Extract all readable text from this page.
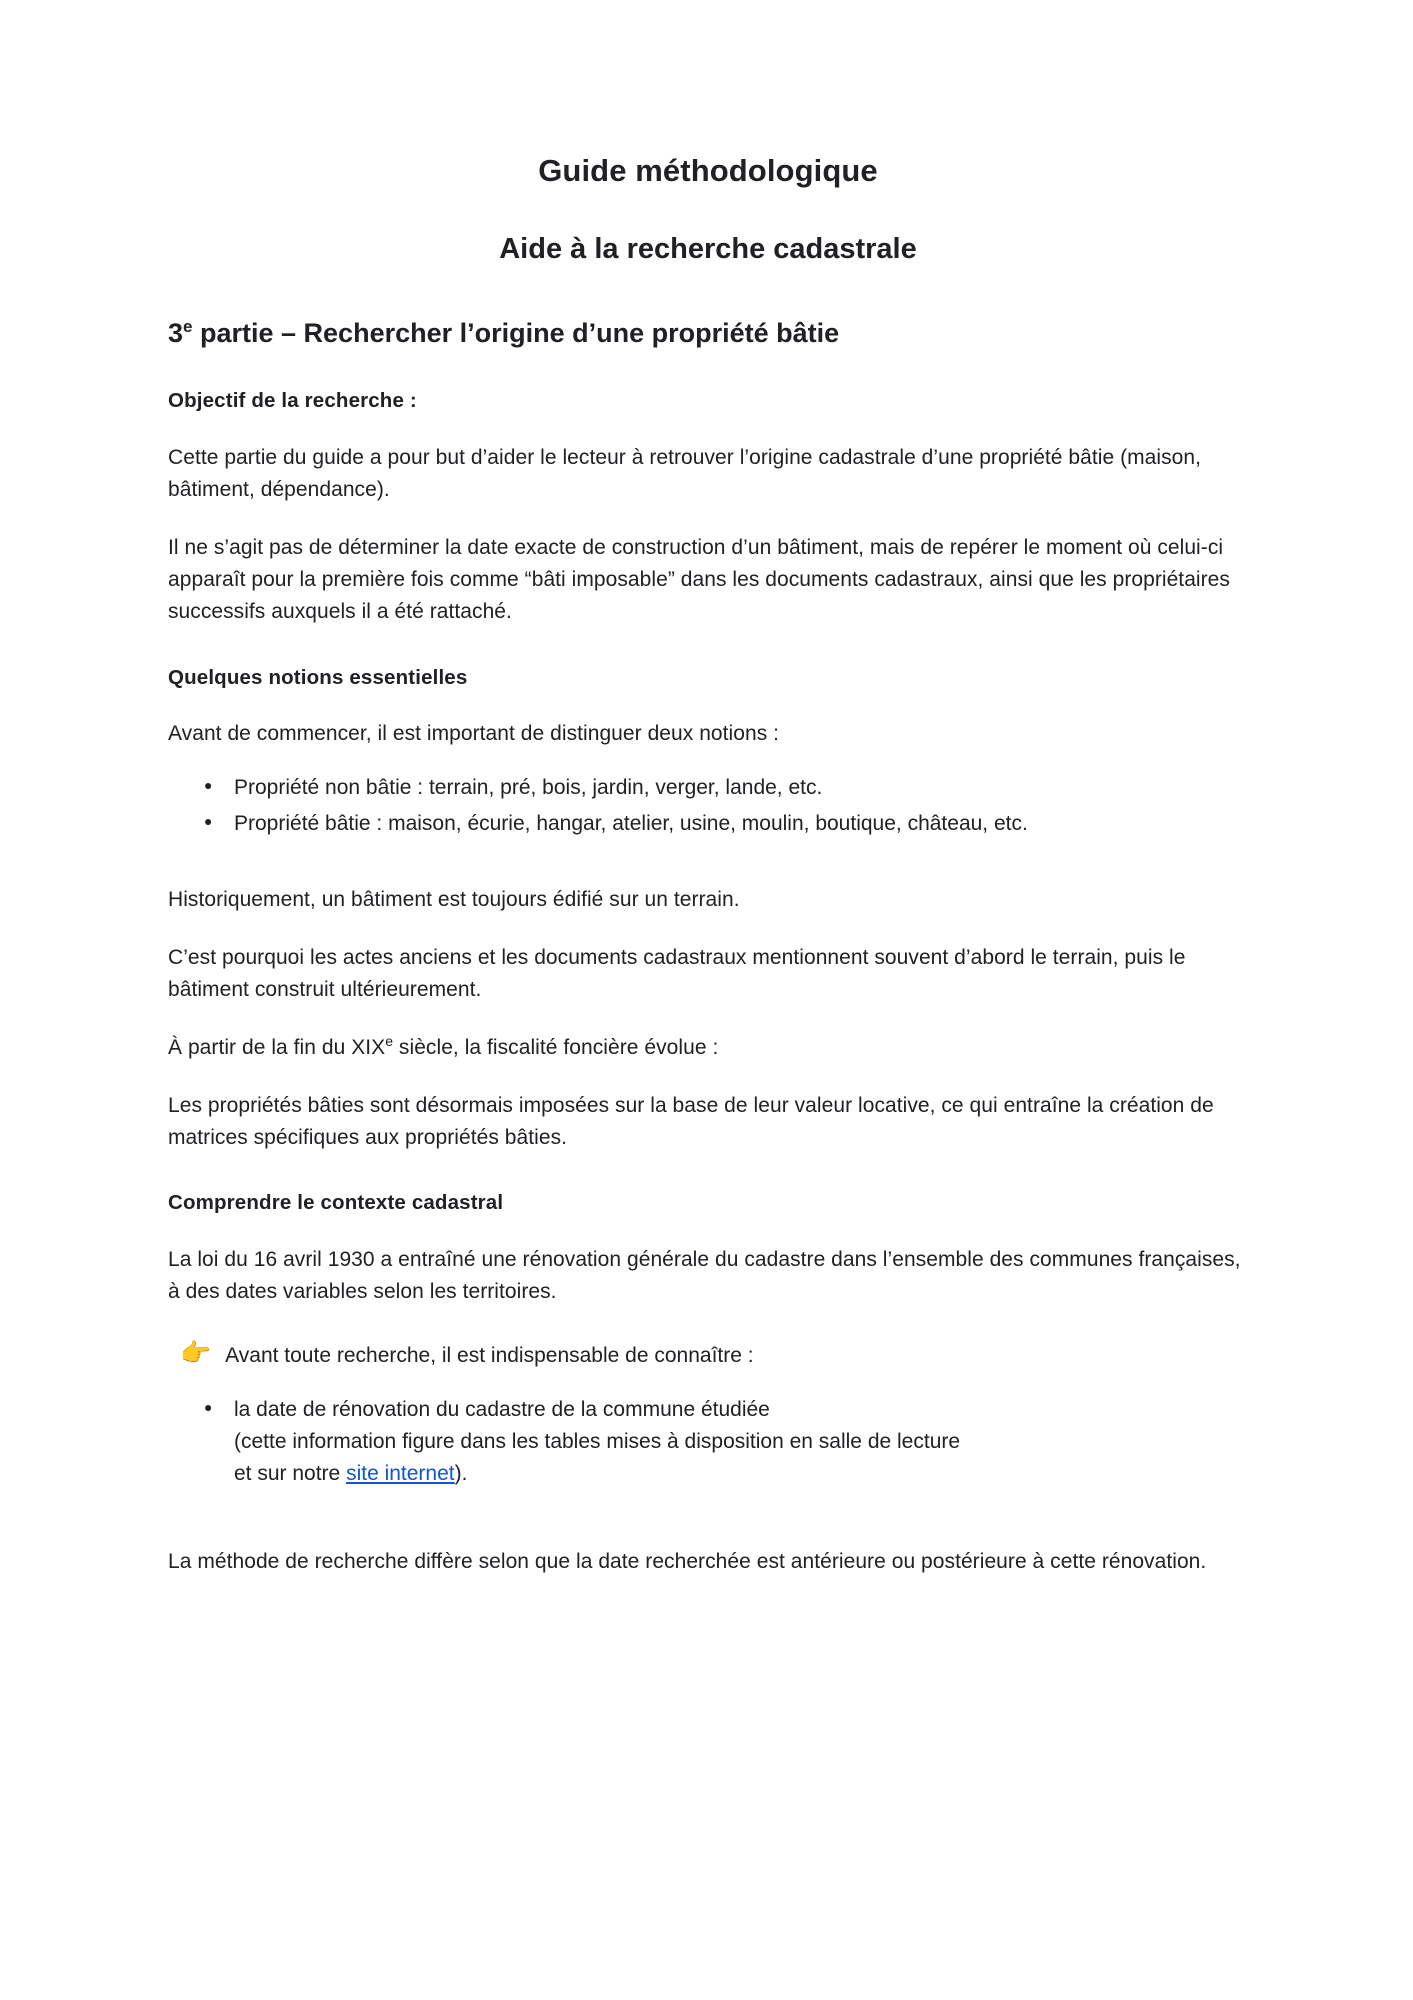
Guide méthodologique
Aide à la recherche cadastrale
3e partie – Rechercher l’origine d’une propriété bâtie
Objectif de la recherche :

Cette partie du guide a pour but d’aider le lecteur à retrouver l’origine cadastrale d’une propriété bâtie (maison, bâtiment, dépendance).

Il ne s’agit pas de déterminer la date exacte de construction d’un bâtiment, mais de repérer le moment où celui-ci apparaît pour la première fois comme “bâti imposable” dans les documents cadastraux, ainsi que les propriétaires successifs auxquels il a été rattaché.

Quelques notions essentielles

Avant de commencer, il est important de distinguer deux notions :

● Propriété non bâtie : terrain, pré, bois, jardin, verger, lande, etc.
● Propriété bâtie : maison, écurie, hangar, atelier, usine, moulin, boutique, château, etc.

Historiquement, un bâtiment est toujours édifié sur un terrain.

C’est pourquoi les actes anciens et les documents cadastraux mentionnent souvent d’abord le terrain, puis le bâtiment construit ultérieurement.

À partir de la fin du XIXe siècle, la fiscalité foncière évolue :

Les propriétés bâties sont désormais imposées sur la base de leur valeur locative, ce qui entraîne la création de matrices spécifiques aux propriétés bâties.

Comprendre le contexte cadastral

La loi du 16 avril 1930 a entraîné une rénovation générale du cadastre dans l’ensemble des communes françaises, à des dates variables selon les territoires.

👉 Avant toute recherche, il est indispensable de connaître :
● la date de rénovation du cadastre de la commune étudiée
(cette information figure dans les tables mises à disposition en salle de lecture
et sur notre site internet).

La méthode de recherche diffère selon que la date recherchée est antérieure ou postérieure à cette rénovation.
